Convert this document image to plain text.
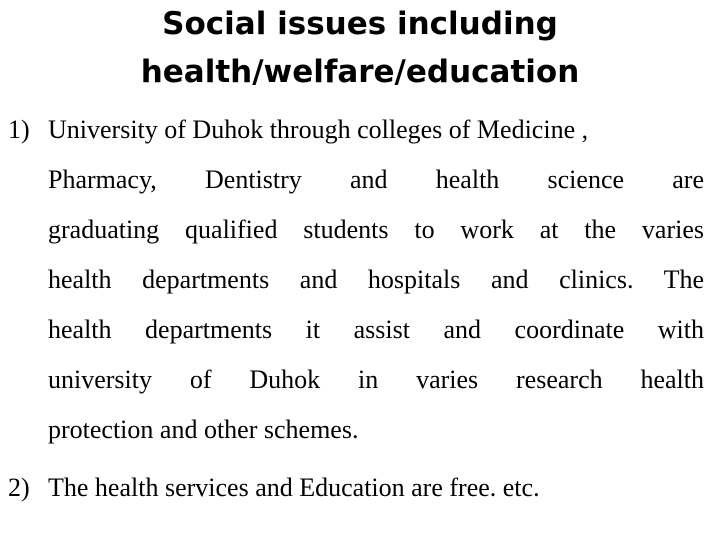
Social issues including
health/welfare/education
1) University of Duhok through colleges of Medicine ,
Pharmacy, Dentistry and health science are
graduating qualified students to work at the varies
health departments and hospitals and clinics. The
health departments it assist and coordinate with
university of Duhok in varies research health
protection and other schemes.
2) The health services and Education are free. etc.
